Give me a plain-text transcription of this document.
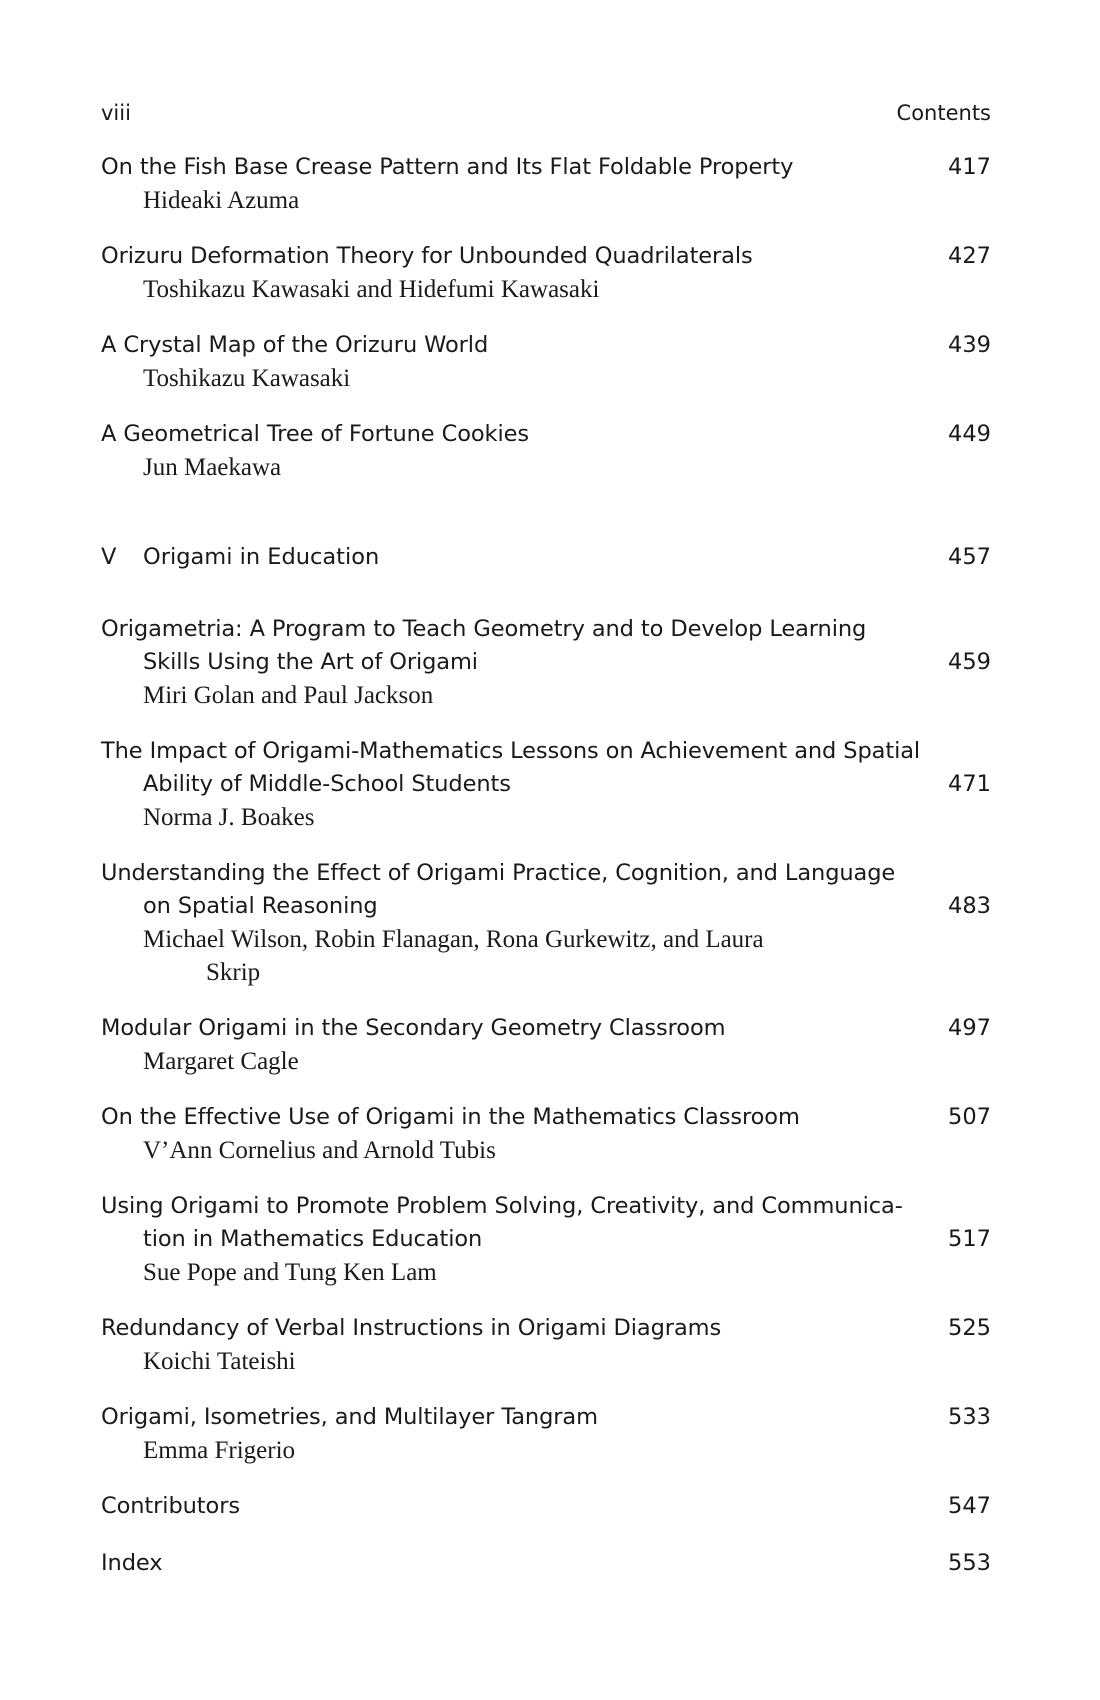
viii	Contents
On the Fish Base Crease Pattern and Its Flat Foldable Property	417
Hideaki Azuma
Orizuru Deformation Theory for Unbounded Quadrilaterals	427
Toshikazu Kawasaki and Hidefumi Kawasaki
A Crystal Map of the Orizuru World	439
Toshikazu Kawasaki
A Geometrical Tree of Fortune Cookies	449
Jun Maekawa
V Origami in Education	457
Origametria: A Program to Teach Geometry and to Develop Learning
Skills Using the Art of Origami	459
Miri Golan and Paul Jackson
The Impact of Origami-Mathematics Lessons on Achievement and Spatial
Ability of Middle-School Students	471
Norma J. Boakes
Understanding the Effect of Origami Practice, Cognition, and Language
on Spatial Reasoning	483
Michael Wilson, Robin Flanagan, Rona Gurkewitz, and Laura
Skrip
Modular Origami in the Secondary Geometry Classroom	497
Margaret Cagle
On the Effective Use of Origami in the Mathematics Classroom	507
V’Ann Cornelius and Arnold Tubis
Using Origami to Promote Problem Solving, Creativity, and Communica-
tion in Mathematics Education	517
Sue Pope and Tung Ken Lam
Redundancy of Verbal Instructions in Origami Diagrams	525
Koichi Tateishi
Origami, Isometries, and Multilayer Tangram	533
Emma Frigerio
Contributors	547
Index	553
